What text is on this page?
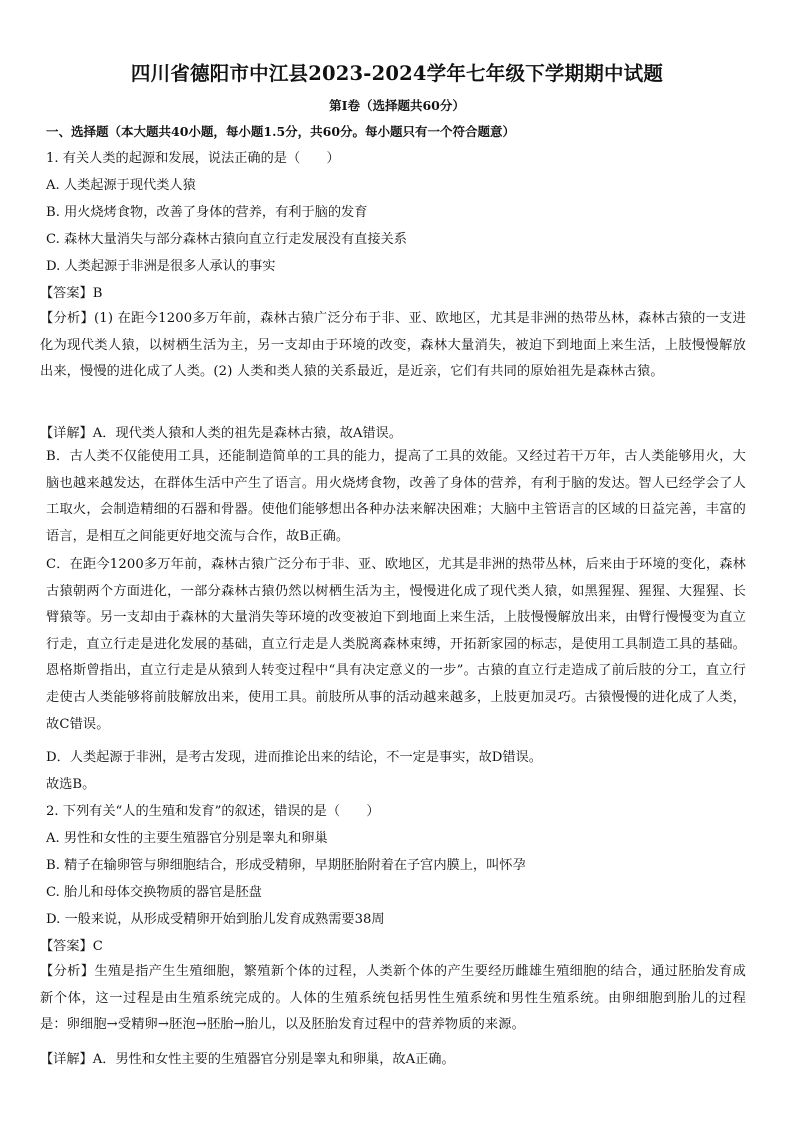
四川省德阳市中江县2023-2024学年七年级下学期期中试题
第Ⅰ卷（选择题共60分）
一、选择题（本大题共40小题，每小题1.5分，共60分。每小题只有一个符合题意）
1. 有关人类的起源和发展，说法正确的是（　　）
A. 人类起源于现代类人猿
B. 用火烧烤食物，改善了身体的营养，有利于脑的发育
C. 森林大量消失与部分森林古猿向直立行走发展没有直接关系
D. 人类起源于非洲是很多人承认的事实
【答案】B
【分析】(1) 在距今1200多万年前，森林古猿广泛分布于非、亚、欧地区，尤其是非洲的热带丛林，森林古猿的一支进化为现代类人猿，以树栖生活为主，另一支却由于环境的改变，森林大量消失，被迫下到地面上来生活，上肢慢慢解放出来，慢慢的进化成了人类。(2) 人类和类人猿的关系最近，是近亲，它们有共同的原始祖先是森林古猿。
【详解】A．现代类人猿和人类的祖先是森林古猿，故A错误。
B．古人类不仅能使用工具，还能制造简单的工具的能力，提高了工具的效能。又经过若干万年，古人类能够用火，大脑也越来越发达，在群体生活中产生了语言。用火烧烤食物，改善了身体的营养，有利于脑的发达。智人已经学会了人工取火，会制造精细的石器和骨器。使他们能够想出各种办法来解决困难；大脑中主管语言的区域的日益完善，丰富的语言，是相互之间能更好地交流与合作，故B正确。
C．在距今1200多万年前，森林古猿广泛分布于非、亚、欧地区，尤其是非洲的热带丛林，后来由于环境的变化，森林古猿朝两个方面进化，一部分森林古猿仍然以树栖生活为主，慢慢进化成了现代类人猿，如黑猩猩、猩猩、大猩猩、长臂猿等。另一支却由于森林的大量消失等环境的改变被迫下到地面上来生活，上肢慢慢解放出来，由臂行慢慢变为直立行走，直立行走是进化发展的基础，直立行走是人类脱离森林束缚，开拓新家园的标志，是使用工具制造工具的基础。恩格斯曾指出，直立行走是从猿到人转变过程中“具有决定意义的一步”。古猿的直立行走造成了前后肢的分工，直立行走使古人类能够将前肢解放出来，使用工具。前肢所从事的活动越来越多，上肢更加灵巧。古猿慢慢的进化成了人类，故C错误。
D．人类起源于非洲，是考古发现，进而推论出来的结论，不一定是事实，故D错误。
故选B。
2. 下列有关“人的生殖和发育”的叙述，错误的是（　　）
A. 男性和女性的主要生殖器官分别是睾丸和卵巢
B. 精子在输卵管与卵细胞结合，形成受精卵，早期胚胎附着在子宫内膜上，叫怀孕
C. 胎儿和母体交换物质的器官是胚盘
D. 一般来说，从形成受精卵开始到胎儿发育成熟需要38周
【答案】C
【分析】生殖是指产生生殖细胞，繁殖新个体的过程，人类新个体的产生要经历雌雄生殖细胞的结合，通过胚胎发育成新个体，这一过程是由生殖系统完成的。人体的生殖系统包括男性生殖系统和男性生殖系统。由卵细胞到胎儿的过程是：卵细胞→受精卵→胚泡→胚胎→胎儿，以及胚胎发育过程中的营养物质的来源。
【详解】A．男性和女性主要的生殖器官分别是睾丸和卵巢，故A正确。
